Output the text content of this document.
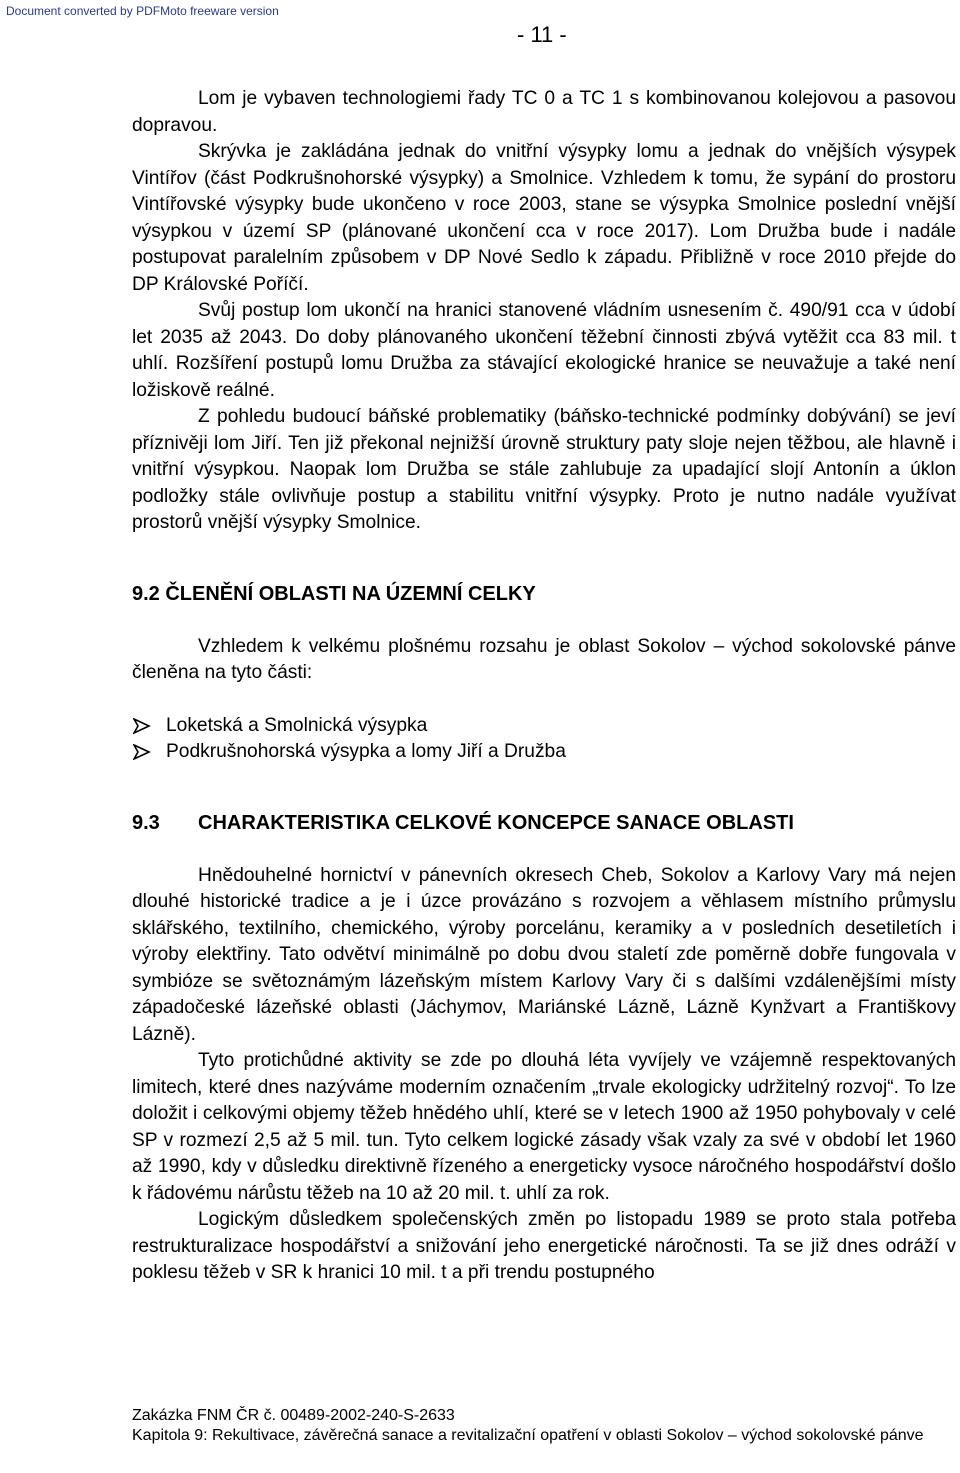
Document converted by PDFMoto freeware version
- 11 -

Lom je vybaven technologiemi řady TC 0 a TC 1 s kombinovanou kolejovou a pasovou dopravou.

Skrývka je zakládána jednak do vnitřní výsypky lomu a jednak do vnějších výsypek Vintířov (část Podkrušnohorské výsypky) a Smolnice. Vzhledem k tomu, že sypání do prostoru Vintířovské výsypky bude ukončeno v roce 2003, stane se výsypka Smolnice poslední vnější výsypkou v území SP (plánované ukončení cca v roce 2017). Lom Družba bude i nadále postupovat paralelním způsobem v DP Nové Sedlo k západu. Přibližně v roce 2010 přejde do DP Královské Poříčí.

Svůj postup lom ukončí na hranici stanovené vládním usnesením č. 490/91 cca v údobí let 2035 až 2043. Do doby plánovaného ukončení těžební činnosti zbývá vytěžit cca 83 mil. t uhlí. Rozšíření postupů lomu Družba za stávající ekologické hranice se neuvažuje a také není ložiskově reálné.

Z pohledu budoucí báňské problematiky (báňsko-technické podmínky dobývání) se jeví příznivěji lom Jiří. Ten již překonal nejnižší úrovně struktury paty sloje nejen těžbou, ale hlavně i vnitřní výsypkou. Naopak lom Družba se stále zahlubuje za upadající slojí Antonín a úklon podložky stále ovlivňuje postup a stabilitu vnitřní výsypky. Proto je nutno nadále využívat prostorů vnější výsypky Smolnice.

9.2 ČLENĚNÍ OBLASTI NA ÚZEMNÍ CELKY

Vzhledem k velkému plošnému rozsahu je oblast Sokolov – východ sokolovské pánve členěna na tyto části:

Loketská a Smolnická výsypka
Podkrušnohorská výsypka a lomy Jiří a Družba
9.3	CHARAKTERISTIKA CELKOVÉ KONCEPCE SANACE OBLASTI

Hnědouhelné hornictví v pánevních okresech Cheb, Sokolov a Karlovy Vary má nejen dlouhé historické tradice a je i úzce provázáno s rozvojem a věhlasem místního průmyslu sklářského, textilního, chemického, výroby porcelánu, keramiky a v posledních desetiletích i výroby elektřiny. Tato odvětví minimálně po dobu dvou staletí zde poměrně dobře fungovala v symbióze se světoznámým lázeňským místem Karlovy Vary či s dalšími vzdálenějšími místy západočeské lázeňské oblasti (Jáchymov, Mariánské Lázně, Lázně Kynžvart a Františkovy Lázně).

Tyto protichůdné aktivity se zde po dlouhá léta vyvíjely ve vzájemně respektovaných limitech, které dnes nazýváme moderním označením „trvale ekologicky udržitelný rozvoj“. To lze doložit i celkovými objemy těžeb hnědého uhlí, které se v letech 1900 až 1950 pohybovaly v celé SP v rozmezí 2,5 až 5 mil. tun. Tyto celkem logické zásady však vzaly za své v období let 1960 až 1990, kdy v důsledku direktivně řízeného a energeticky vysoce náročného hospodářství došlo k řádovému nárůstu těžeb na 10 až 20 mil. t. uhlí za rok.

Logickým důsledkem společenských změn po listopadu 1989 se proto stala potřeba restrukturalizace hospodářství a snižování jeho energetické náročnosti. Ta se již dnes odráží v poklesu těžeb v SR k hranici 10 mil. t a při trendu postupného

Zakázka FNM ČR č. 00489-2002-240-S-2633
Kapitola 9: Rekultivace, závěrečná sanace a revitalizační opatření v oblasti Sokolov – východ sokolovské pánve
